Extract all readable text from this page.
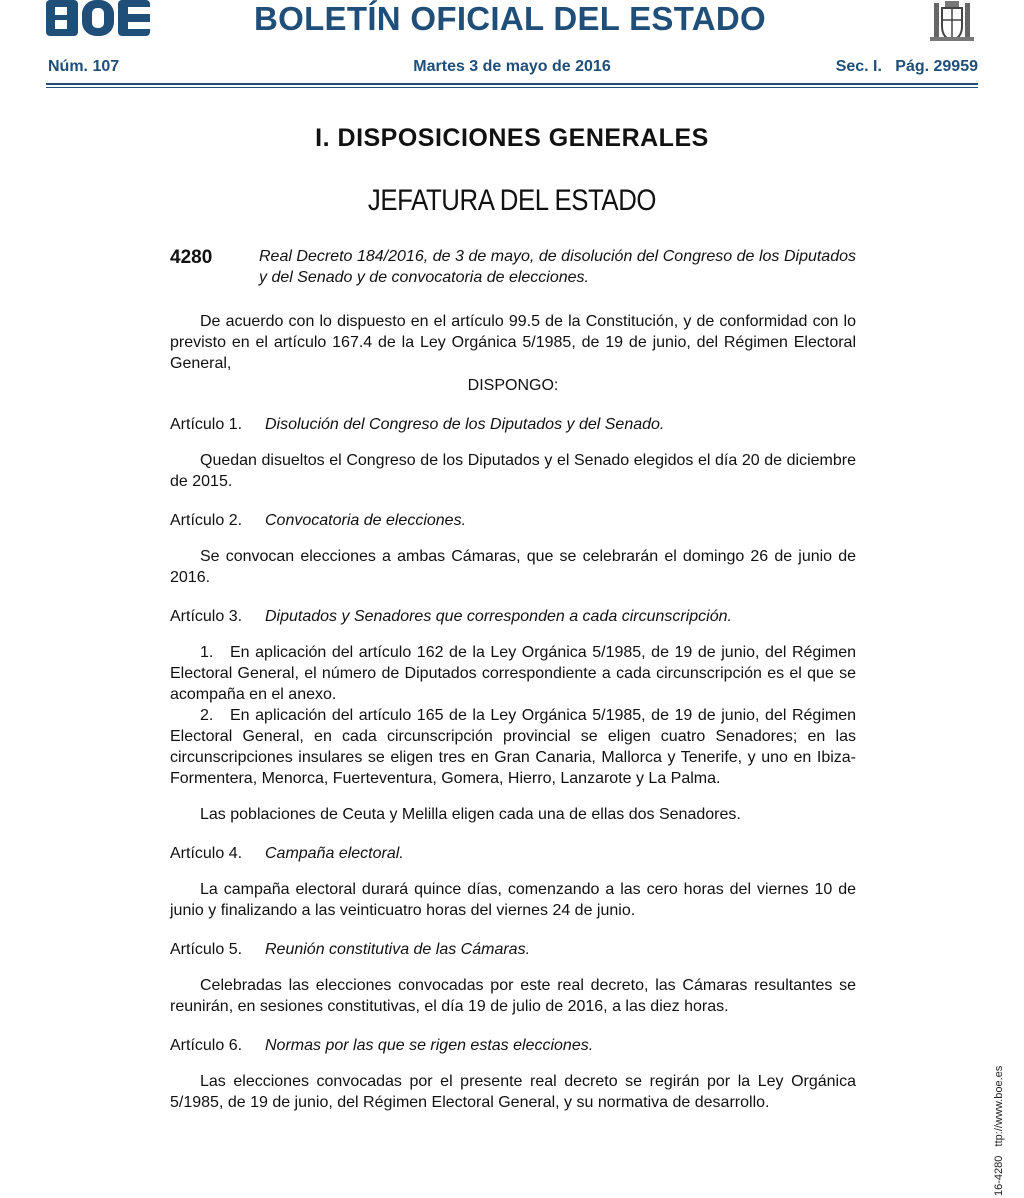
BOLETÍN OFICIAL DEL ESTADO
Núm. 107	Martes 3 de mayo de 2016	Sec. I.   Pág. 29959
I. DISPOSICIONES GENERALES
JEFATURA DEL ESTADO
4280	Real Decreto 184/2016, de 3 de mayo, de disolución del Congreso de los Diputados y del Senado y de convocatoria de elecciones.

De acuerdo con lo dispuesto en el artículo 99.5 de la Constitución, y de conformidad con lo previsto en el artículo 167.4 de la Ley Orgánica 5/1985, de 19 de junio, del Régimen Electoral General,

DISPONGO:

Artículo 1. Disolución del Congreso de los Diputados y del Senado.

Quedan disueltos el Congreso de los Diputados y el Senado elegidos el día 20 de diciembre de 2015.

Artículo 2. Convocatoria de elecciones.

Se convocan elecciones a ambas Cámaras, que se celebrarán el domingo 26 de junio de 2016.

Artículo 3. Diputados y Senadores que corresponden a cada circunscripción.

1.   En aplicación del artículo 162 de la Ley Orgánica 5/1985, de 19 de junio, del Régimen Electoral General, el número de Diputados correspondiente a cada circunscripción es el que se acompaña en el anexo.

2.   En aplicación del artículo 165 de la Ley Orgánica 5/1985, de 19 de junio, del Régimen Electoral General, en cada circunscripción provincial se eligen cuatro Senadores; en las circunscripciones insulares se eligen tres en Gran Canaria, Mallorca y Tenerife, y uno en Ibiza-Formentera, Menorca, Fuerteventura, Gomera, Hierro, Lanzarote y La Palma.

Las poblaciones de Ceuta y Melilla eligen cada una de ellas dos Senadores.

Artículo 4. Campaña electoral.

La campaña electoral durará quince días, comenzando a las cero horas del viernes 10 de junio y finalizando a las veinticuatro horas del viernes 24 de junio.

Artículo 5. Reunión constitutiva de las Cámaras.

Celebradas las elecciones convocadas por este real decreto, las Cámaras resultantes se reunirán, en sesiones constitutivas, el día 19 de julio de 2016, a las diez horas.

Artículo 6. Normas por las que se rigen estas elecciones.

Las elecciones convocadas por el presente real decreto se regirán por la Ley Orgánica 5/1985, de 19 de junio, del Régimen Electoral General, y su normativa de desarrollo.	16-4280   ttp://www.boe.es
